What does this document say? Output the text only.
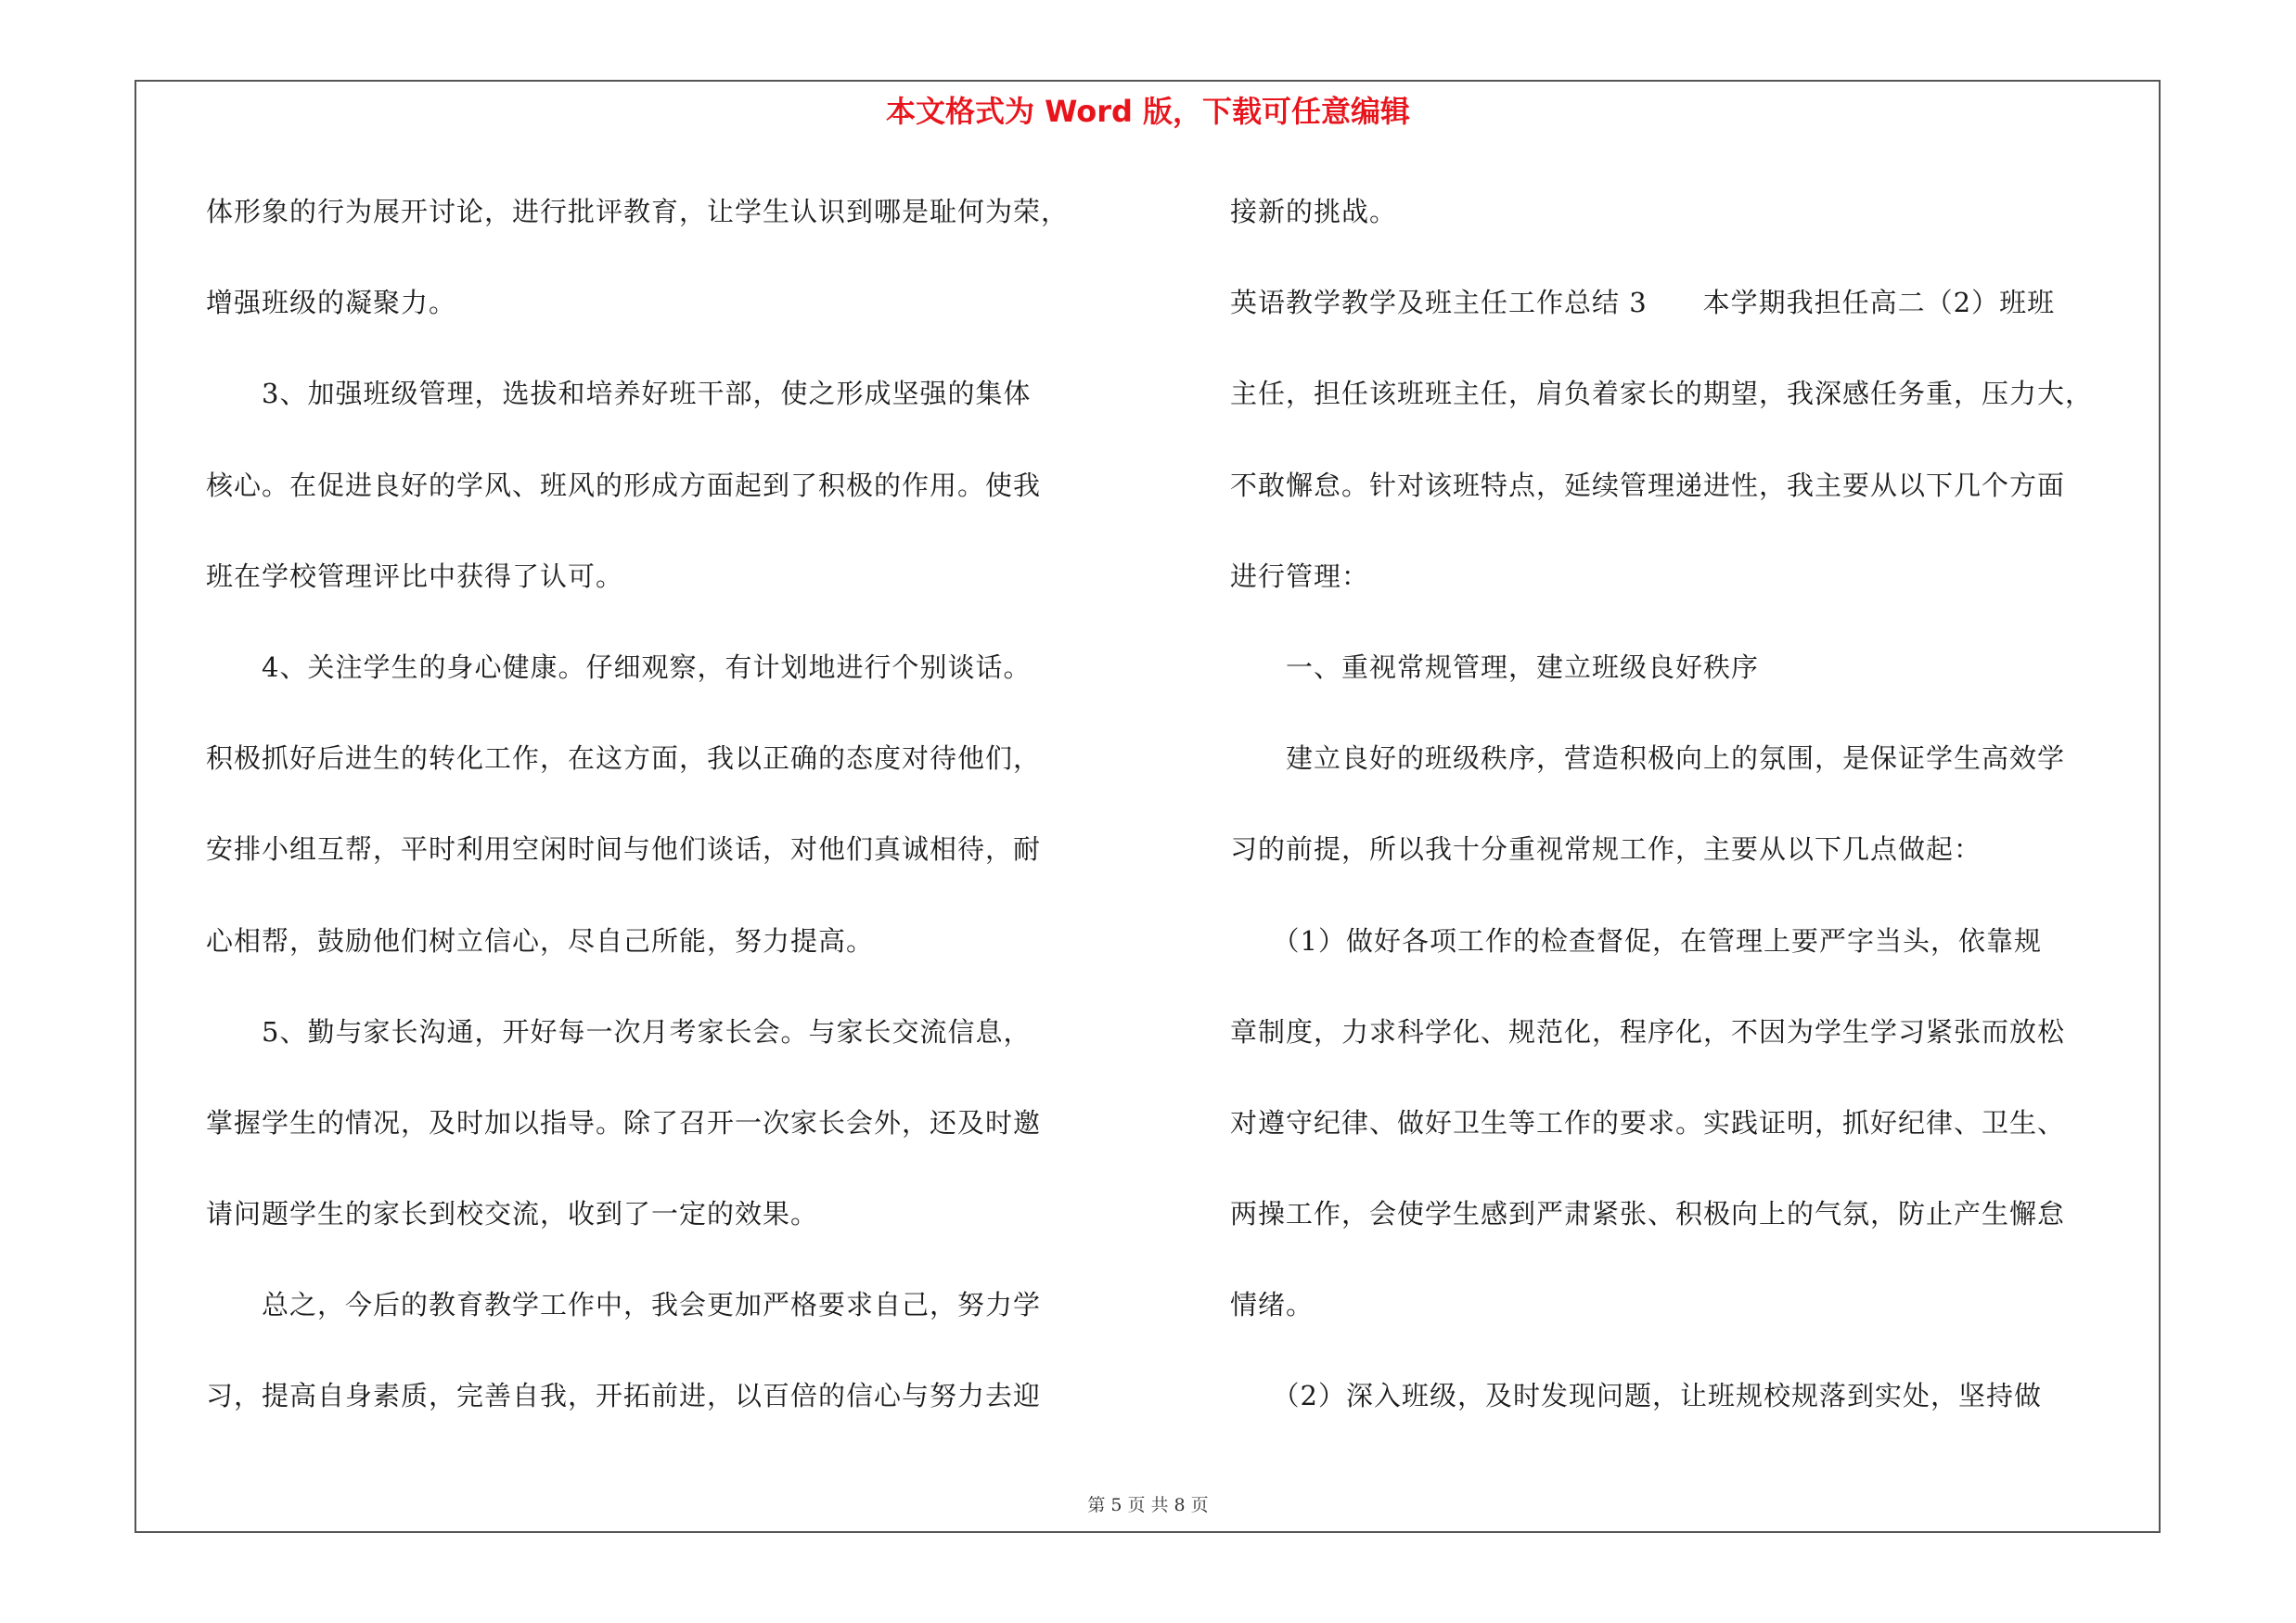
本文格式为 Word 版，下载可任意编辑
体形象的行为展开讨论，进行批评教育，让学生认识到哪是耻何为荣，
增强班级的凝聚力。
　　3、加强班级管理，选拔和培养好班干部，使之形成坚强的集体
核心。在促进良好的学风、班风的形成方面起到了积极的作用。使我
班在学校管理评比中获得了认可。
　　4、关注学生的身心健康。仔细观察，有计划地进行个别谈话。
积极抓好后进生的转化工作，在这方面，我以正确的态度对待他们，
安排小组互帮，平时利用空闲时间与他们谈话，对他们真诚相待，耐
心相帮，鼓励他们树立信心，尽自己所能，努力提高。
　　5、勤与家长沟通，开好每一次月考家长会。与家长交流信息，
掌握学生的情况，及时加以指导。除了召开一次家长会外，还及时邀
请问题学生的家长到校交流，收到了一定的效果。
　　总之，今后的教育教学工作中，我会更加严格要求自己，努力学
习，提高自身素质，完善自我，开拓前进，以百倍的信心与努力去迎
接新的挑战。
英语教学教学及班主任工作总结 3　　本学期我担任高二（2）班班
主任，担任该班班主任，肩负着家长的期望，我深感任务重，压力大，
不敢懈怠。针对该班特点，延续管理递进性，我主要从以下几个方面
进行管理：
　　一、重视常规管理，建立班级良好秩序
　　建立良好的班级秩序，营造积极向上的氛围，是保证学生高效学
习的前提，所以我十分重视常规工作，主要从以下几点做起：
　　（1）做好各项工作的检查督促，在管理上要严字当头，依靠规
章制度，力求科学化、规范化，程序化，不因为学生学习紧张而放松
对遵守纪律、做好卫生等工作的要求。实践证明，抓好纪律、卫生、
两操工作，会使学生感到严肃紧张、积极向上的气氛，防止产生懈怠
情绪。
　　（2）深入班级，及时发现问题，让班规校规落到实处，坚持做
第 5 页 共 8 页
